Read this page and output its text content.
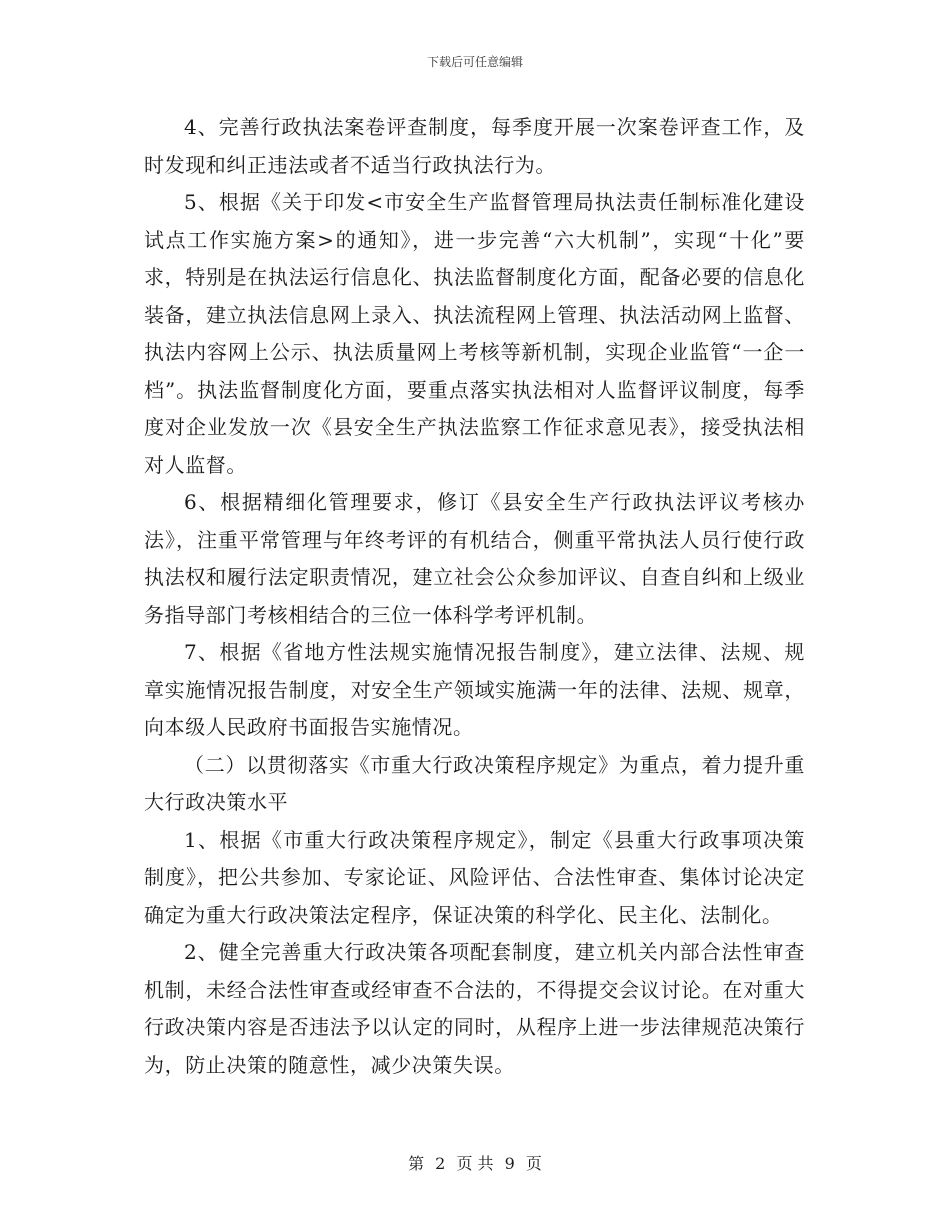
下载后可任意编辑

4、完善行政执法案卷评查制度，每季度开展一次案卷评查工作，及时发现和纠正违法或者不适当行政执法行为。

5、根据《关于印发<市安全生产监督管理局执法责任制标准化建设试点工作实施方案>的通知》，进一步完善“六大机制”，实现“十化”要求，特别是在执法运行信息化、执法监督制度化方面，配备必要的信息化装备，建立执法信息网上录入、执法流程网上管理、执法活动网上监督、执法内容网上公示、执法质量网上考核等新机制，实现企业监管“一企一档”。执法监督制度化方面，要重点落实执法相对人监督评议制度，每季度对企业发放一次《县安全生产执法监察工作征求意见表》，接受执法相对人监督。

6、根据精细化管理要求，修订《县安全生产行政执法评议考核办法》，注重平常管理与年终考评的有机结合，侧重平常执法人员行使行政执法权和履行法定职责情况，建立社会公众参加评议、自查自纠和上级业务指导部门考核相结合的三位一体科学考评机制。

7、根据《省地方性法规实施情况报告制度》，建立法律、法规、规章实施情况报告制度，对安全生产领域实施满一年的法律、法规、规章，向本级人民政府书面报告实施情况。

（二）以贯彻落实《市重大行政决策程序规定》为重点，着力提升重大行政决策水平

1、根据《市重大行政决策程序规定》，制定《县重大行政事项决策制度》，把公共参加、专家论证、风险评估、合法性审查、集体讨论决定确定为重大行政决策法定程序，保证决策的科学化、民主化、法制化。

2、健全完善重大行政决策各项配套制度，建立机关内部合法性审查机制，未经合法性审查或经审查不合法的，不得提交会议讨论。在对重大行政决策内容是否违法予以认定的同时，从程序上进一步法律规范决策行为，防止决策的随意性，减少决策失误。

第 2 页 共 9 页
